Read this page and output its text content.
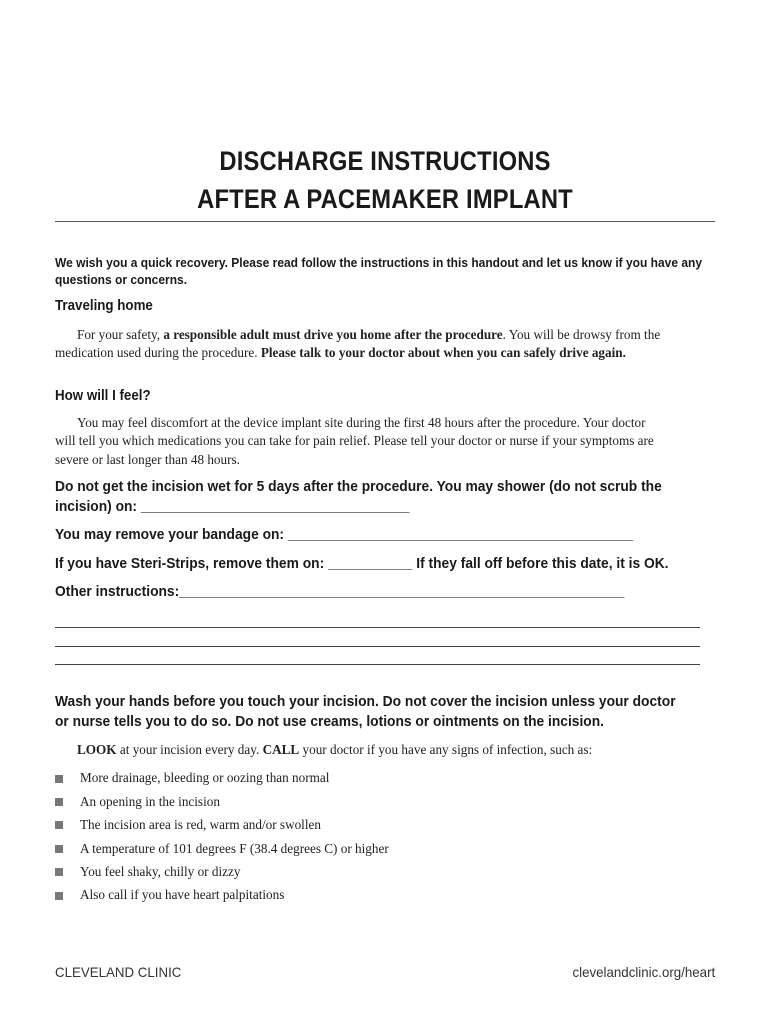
DISCHARGE INSTRUCTIONS
AFTER A PACEMAKER IMPLANT
We wish you a quick recovery. Please read follow the instructions in this handout and let us know if you have any
questions or concerns.
Traveling home
For your safety, a responsible adult must drive you home after the procedure. You will be drowsy from the
medication used during the procedure. Please talk to your doctor about when you can safely drive again.
How will I feel?
You may feel discomfort at the device implant site during the first 48 hours after the procedure. Your doctor
will tell you which medications you can take for pain relief. Please tell your doctor or nurse if your symptoms are
severe or last longer than 48 hours.
Do not get the incision wet for 5 days after the procedure. You may shower (do not scrub the
incision) on: ___________________________________
You may remove your bandage on: _____________________________________________
If you have Steri-Strips, remove them on: ___________ If they fall off before this date, it is OK.
Other instructions:__________________________________________________________
Wash your hands before you touch your incision. Do not cover the incision unless your doctor
or nurse tells you to do so. Do not use creams, lotions or ointments on the incision.
LOOK at your incision every day. CALL your doctor if you have any signs of infection, such as:
More drainage, bleeding or oozing than normal
An opening in the incision
The incision area is red, warm and/or swollen
A temperature of 101 degrees F (38.4 degrees C) or higher
You feel shaky, chilly or dizzy
Also call if you have heart palpitations
CLEVELAND CLINIC	clevelandclinic.org/heart
